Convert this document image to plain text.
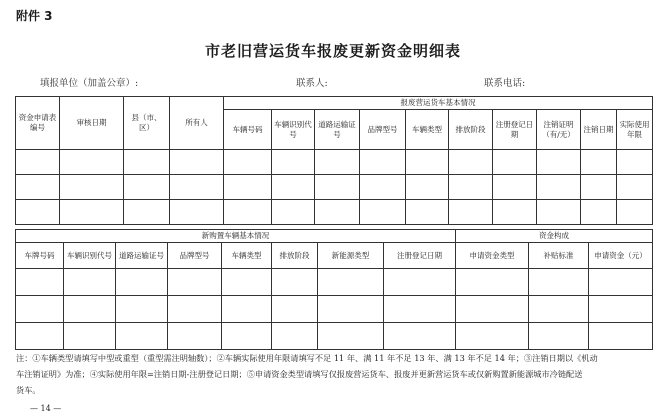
附件 3
市老旧营运货车报废更新资金明细表
填报单位（加盖公章）:	联系人:	联系电话:
资金申请表编号	审核日期	县（市、区）	所有人	报废营运货车基本情况									
				车辆号码	车辆识别代号	道路运输证号	品牌型号	车辆类型	排放阶段	注册登记日期	注销证明（有/无）	注销日期	实际使用年限

新购置车辆基本情况								资金构成		
车牌号码	车辆识别代号	道路运输证号	品牌型号	车辆类型	排放阶段	新能源类型	注册登记日期	申请资金类型	补贴标准	申请资金（元）

注：①车辆类型请填写中型或重型（重型需注明轴数）；②车辆实际使用年限请填写不足 11 年、满 11 年不足 13 年、满 13 年不足 14 年；③注销日期以《机动
车注销证明》为准；④实际使用年限=注销日期-注册登记日期；⑤申请资金类型请填写仅报废营运货车、报废并更新营运货车或仅新购置新能源城市冷链配送
货车。
— 14 —
